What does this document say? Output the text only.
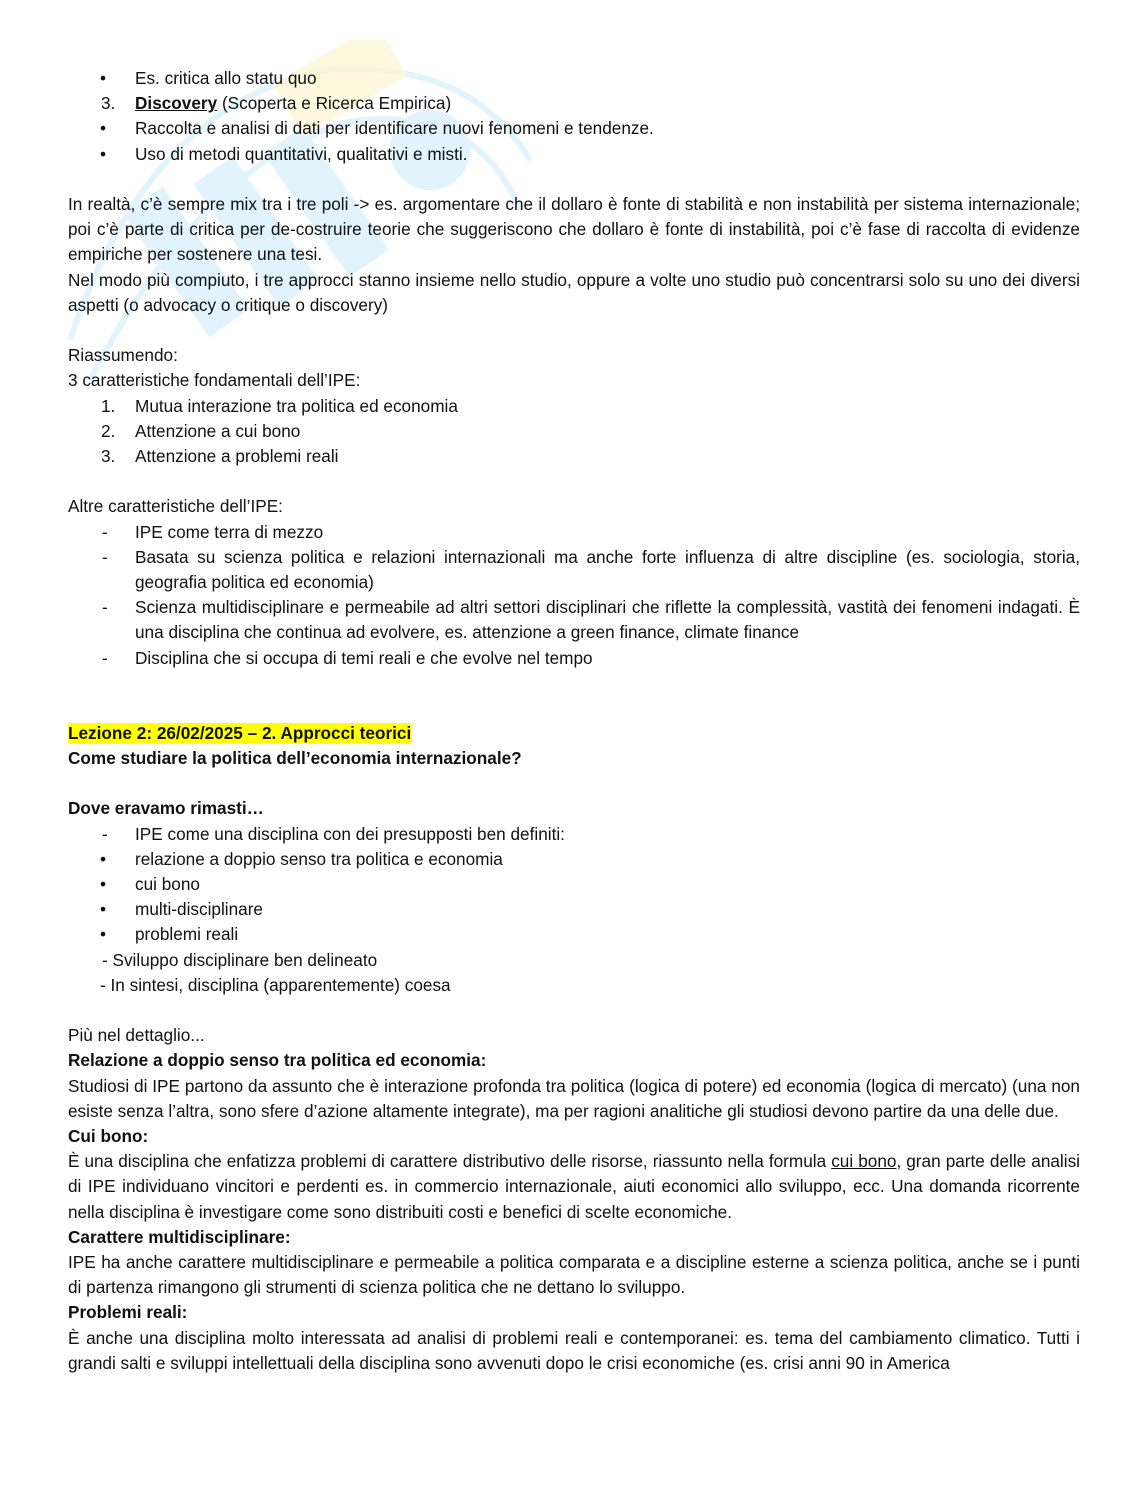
•	Es. critica allo statu quo
3.	Discovery (Scoperta e Ricerca Empirica)
•	Raccolta e analisi di dati per identificare nuovi fenomeni e tendenze.
•	Uso di metodi quantitativi, qualitativi e misti.
In realtà, c’è sempre mix tra i tre poli -> es. argomentare che il dollaro è fonte di stabilità e non instabilità per sistema internazionale; poi c’è parte di critica per de-costruire teorie che suggeriscono che dollaro è fonte di instabilità, poi c’è fase di raccolta di evidenze empiriche per sostenere una tesi.
Nel modo più compiuto, i tre approcci stanno insieme nello studio, oppure a volte uno studio può concentrarsi solo su uno dei diversi aspetti (o advocacy o critique o discovery)
Riassumendo:
3 caratteristiche fondamentali dell’IPE:
1.	Mutua interazione tra politica ed economia
2.	Attenzione a cui bono
3.	Attenzione a problemi reali
Altre caratteristiche dell’IPE:
-	IPE come terra di mezzo
-	Basata su scienza politica e relazioni internazionali ma anche forte influenza di altre discipline (es. sociologia, storia, geografia politica ed economia)
-	Scienza multidisciplinare e permeabile ad altri settori disciplinari che riflette la complessità, vastità dei fenomeni indagati. È una disciplina che continua ad evolvere, es. attenzione a green finance, climate finance
-	Disciplina che si occupa di temi reali e che evolve nel tempo
Lezione 2: 26/02/2025 – 2. Approcci teorici
Come studiare la politica dell’economia internazionale?
Dove eravamo rimasti…
-	IPE come una disciplina con dei presupposti ben definiti:
•	relazione a doppio senso tra politica e economia
•	cui bono
•	multi-disciplinare
•	problemi reali
- Sviluppo disciplinare ben delineato
- In sintesi, disciplina (apparentemente) coesa
Più nel dettaglio...
Relazione a doppio senso tra politica ed economia:
Studiosi di IPE partono da assunto che è interazione profonda tra politica (logica di potere) ed economia (logica di mercato) (una non esiste senza l’altra, sono sfere d’azione altamente integrate), ma per ragioni analitiche gli studiosi devono partire da una delle due.
Cui bono:
È una disciplina che enfatizza problemi di carattere distributivo delle risorse, riassunto nella formula cui bono, gran parte delle analisi di IPE individuano vincitori e perdenti es. in commercio internazionale, aiuti economici allo sviluppo, ecc. Una domanda ricorrente nella disciplina è investigare come sono distribuiti costi e benefici di scelte economiche.
Carattere multidisciplinare:
IPE ha anche carattere multidisciplinare e permeabile a politica comparata e a discipline esterne a scienza politica, anche se i punti di partenza rimangono gli strumenti di scienza politica che ne dettano lo sviluppo.
Problemi reali:
È anche una disciplina molto interessata ad analisi di problemi reali e contemporanei: es. tema del cambiamento climatico. Tutti i grandi salti e sviluppi intellettuali della disciplina sono avvenuti dopo le crisi economiche (es. crisi anni 90 in America
